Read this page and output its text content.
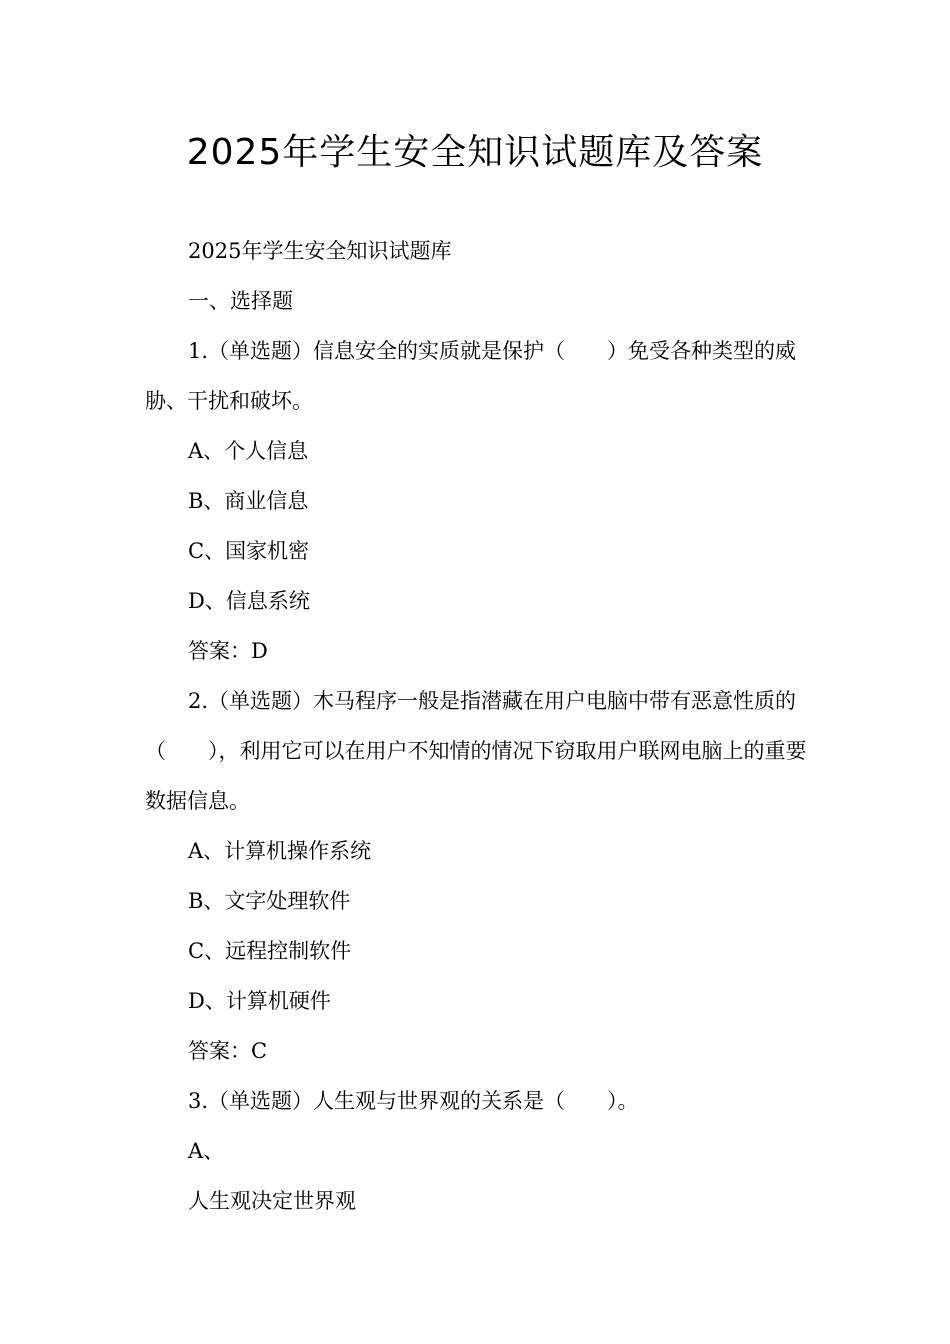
2025年学生安全知识试题库及答案

2025年学生安全知识试题库

一、选择题

1.（单选题）信息安全的实质就是保护（　　）免受各种类型的威胁、干扰和破坏。

A、个人信息

B、商业信息

C、国家机密

D、信息系统

答案：D

2.（单选题）木马程序一般是指潜藏在用户电脑中带有恶意性质的（　　），利用它可以在用户不知情的情况下窃取用户联网电脑上的重要数据信息。

A、计算机操作系统

B、文字处理软件

C、远程控制软件

D、计算机硬件

答案：C

3.（单选题）人生观与世界观的关系是（　　）。

A、

人生观决定世界观
